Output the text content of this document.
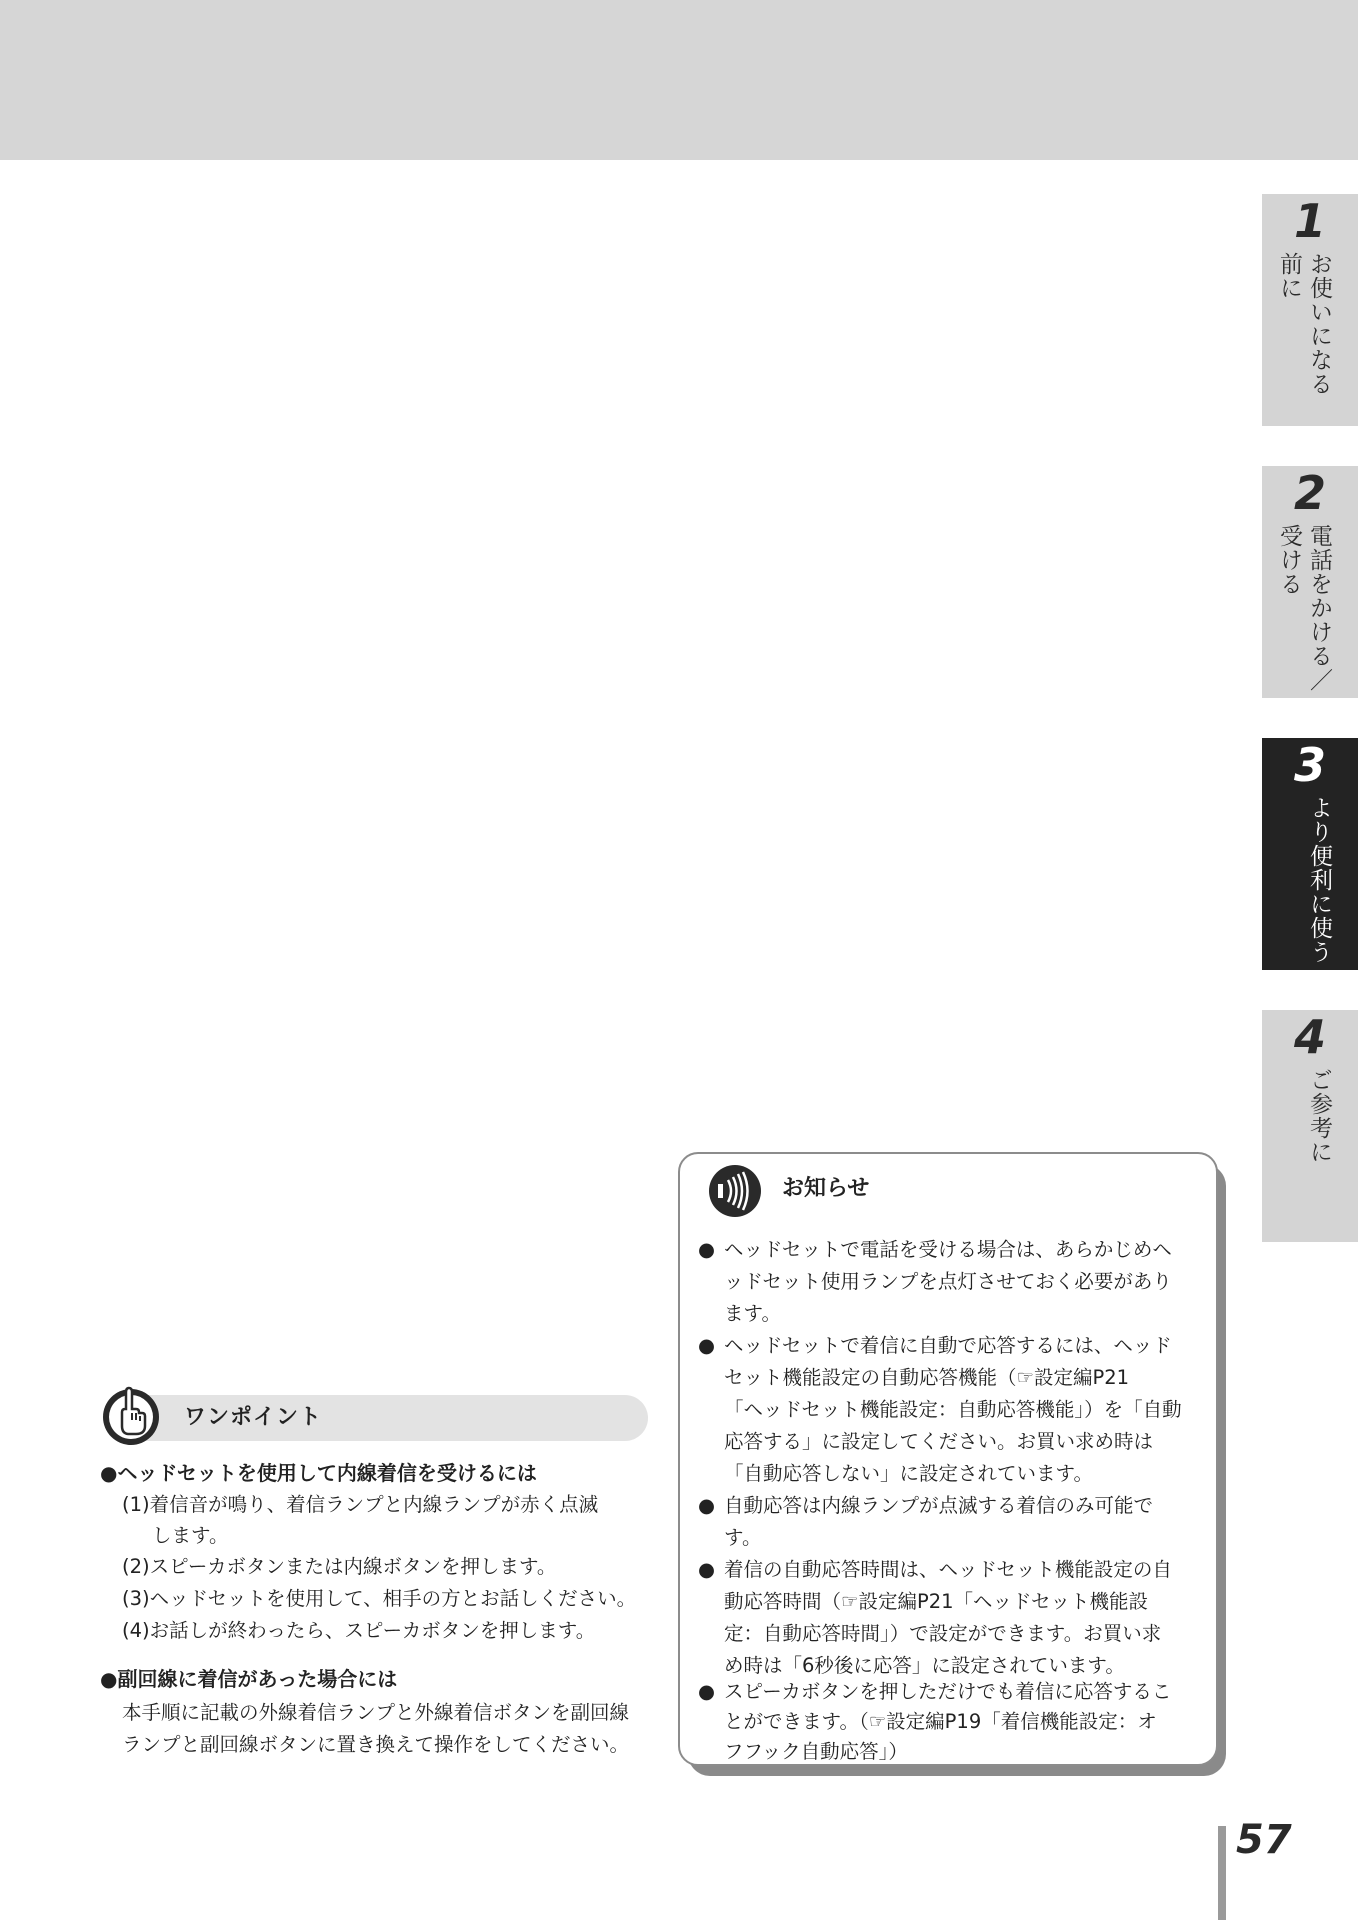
1
お使いになる
前に
2
電話をかける／
受ける
3
より便利に使う
4
ご参考に
ワンポイント
●ヘッドセットを使用して内線着信を受けるには
(1)着信音が鳴り、着信ランプと内線ランプが赤く点滅
します。
(2)スピーカボタンまたは内線ボタンを押します。
(3)ヘッドセットを使用して、相手の方とお話しください。
(4)お話しが終わったら、スピーカボタンを押します。
●副回線に着信があった場合には
本手順に記載の外線着信ランプと外線着信ボタンを副回線
ランプと副回線ボタンに置き換えて操作をしてください。
お知らせ
● ヘッドセットで電話を受ける場合は、あらかじめヘ
ッドセット使用ランプを点灯させておく必要があり
ます。
● ヘッドセットで着信に自動で応答するには、ヘッド
セット機能設定の自動応答機能（☞設定編P21
「ヘッドセット機能設定：自動応答機能」）を「自動
応答する」に設定してください。お買い求め時は
「自動応答しない」に設定されています。
● 自動応答は内線ランプが点滅する着信のみ可能で
す。
● 着信の自動応答時間は、ヘッドセット機能設定の自
動応答時間（☞設定編P21「ヘッドセット機能設
定：自動応答時間」）で設定ができます。お買い求
め時は「6秒後に応答」に設定されています。
● スピーカボタンを押しただけでも着信に応答するこ
とができます。（☞設定編P19「着信機能設定：オ
フフック自動応答」）
57
